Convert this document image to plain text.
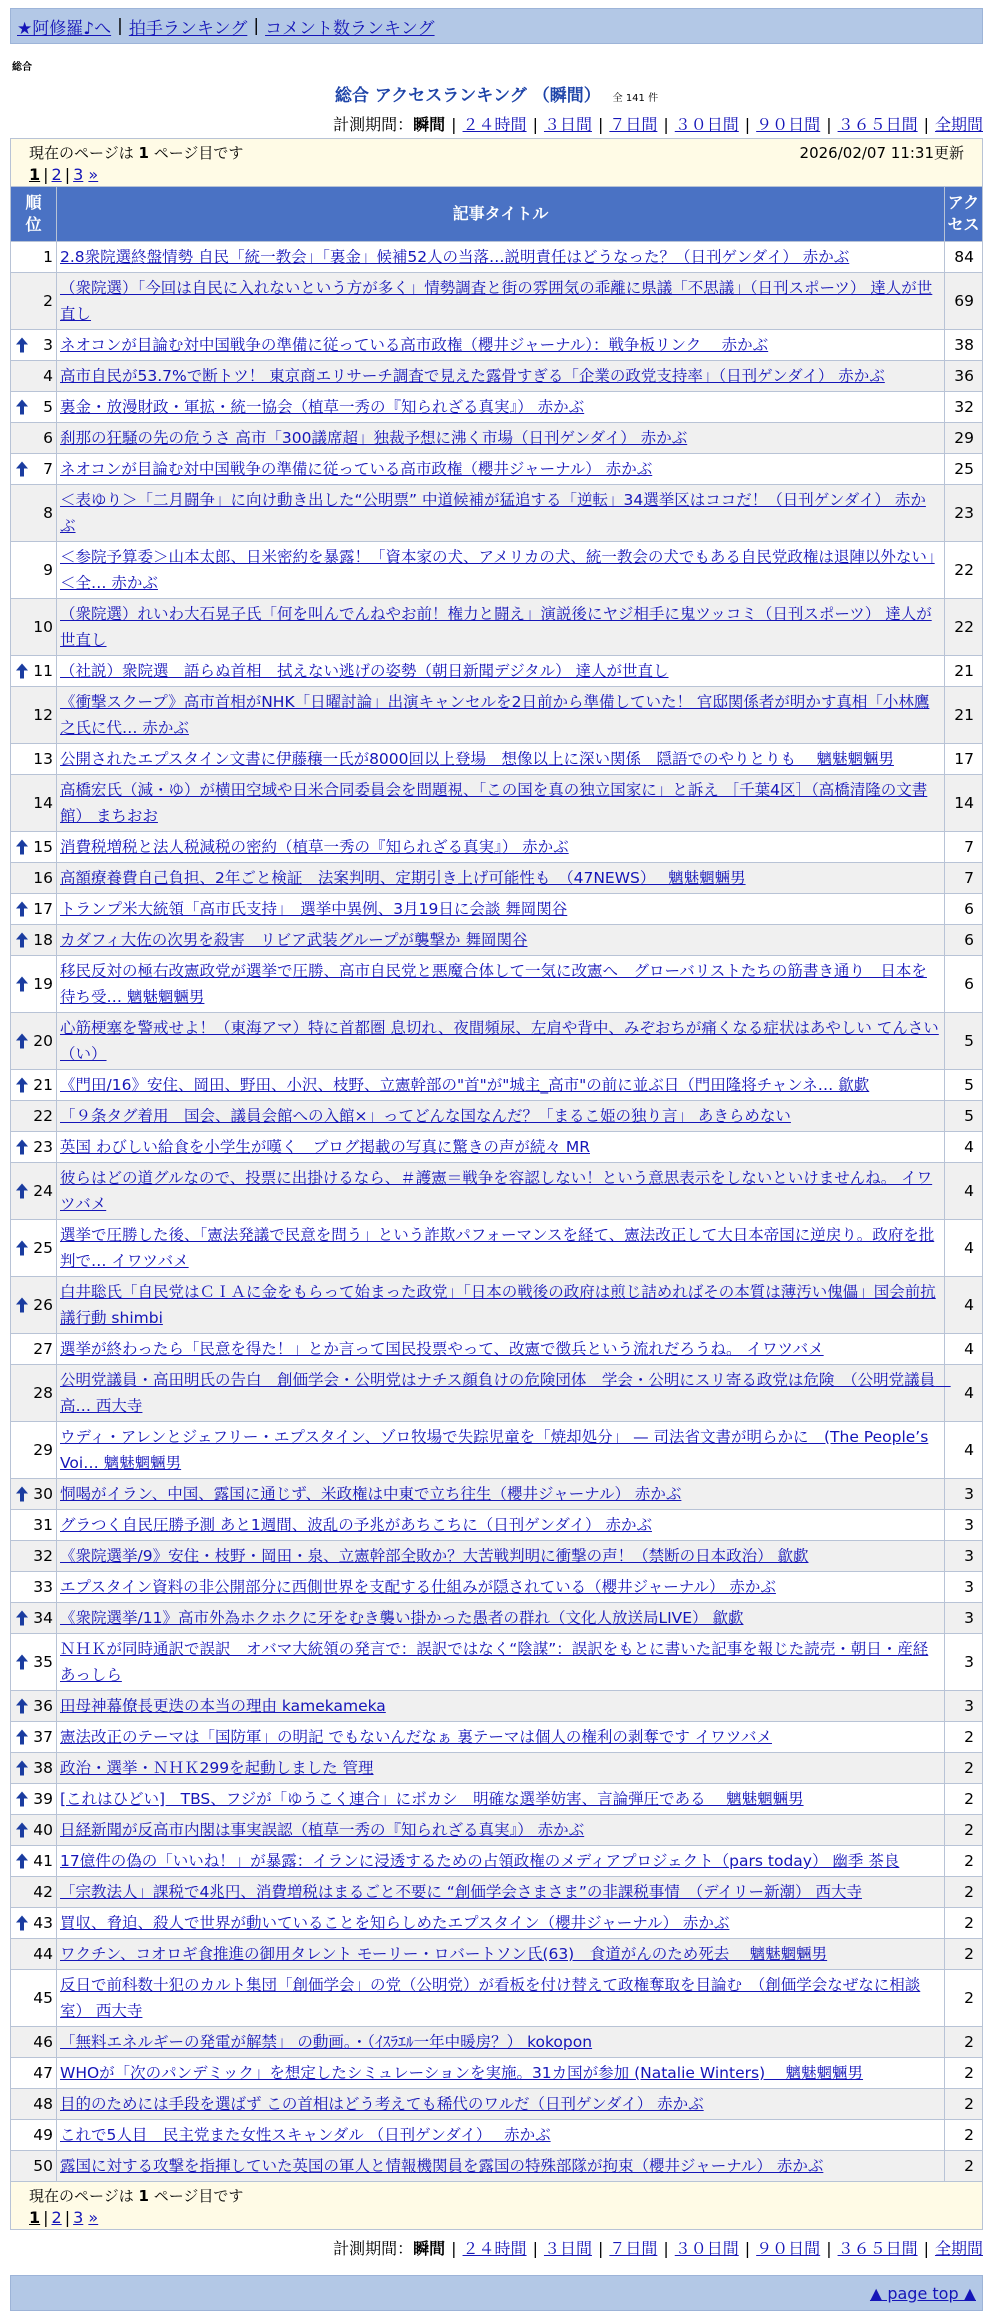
★阿修羅♪へ | 拍手ランキング | コメント数ランキング
総合
総合 アクセスランキング （瞬間） 全 141 件
計測期間：瞬間 | ２４時間 | ３日間 | ７日間 | ３０日間 | ９０日間 | ３６５日間 | 全期間
現在のページは 1 ページ目です	2026/02/07 11:31更新
1 | 2 | 3 »
順位	記事タイトル	アクセス
1	2.8衆院選終盤情勢 自民「統一教会」「裏金」候補52人の当落…説明責任はどうなった？（日刊ゲンダイ） 赤かぶ	84
2	（衆院選）「今回は自民に入れないという方が多く」情勢調査と街の雰囲気の乖離に県議「不思議」（日刊スポーツ） 達人が世直し	69

3	ネオコンが目論む対中国戦争の準備に従っている高市政権（櫻井ジャーナル）：戦争板リンク　 赤かぶ	38
4	高市自民が53.7%で断トツ！ 東京商エリサーチ調査で見えた露骨すぎる「企業の政党支持率」（日刊ゲンダイ） 赤かぶ	36

5	裏金・放漫財政・軍拡・統一協会（植草一秀の『知られざる真実』） 赤かぶ	32
6	刹那の狂騒の先の危うさ 高市「300議席超」独裁予想に沸く市場（日刊ゲンダイ） 赤かぶ	29

7	ネオコンが目論む対中国戦争の準備に従っている高市政権（櫻井ジャーナル） 赤かぶ	25
8	＜表ゆり＞「二月闘争」に向け動き出した“公明票” 中道候補が猛追する「逆転」34選挙区はココだ！（日刊ゲンダイ） 赤かぶ	23
9	＜参院予算委＞山本太郎、日米密約を暴露！「資本家の犬、アメリカの犬、統一教会の犬でもある自民党政権は退陣以外ない」＜全… 赤かぶ	22
10	（衆院選）れいわ大石晃子氏「何を叫んでんねやお前！権力と闘え」演説後にヤジ相手に鬼ツッコミ（日刊スポーツ） 達人が世直し	22

11	（社説）衆院選　語らぬ首相　拭えない逃げの姿勢（朝日新聞デジタル） 達人が世直し	21
12	《衝撃スクープ》高市首相がNHK「日曜討論」出演キャンセルを2日前から準備していた！ 官邸関係者が明かす真相「小林鷹之氏に代… 赤かぶ	21
13	公開されたエプスタイン文書に伊藤穰一氏が8000回以上登場　想像以上に深い関係　隠語でのやりとりも　 魑魅魍魎男	17
14	高橋宏氏（減・ゆ）が横田空域や日米合同委員会を問題視、「この国を真の独立国家に」と訴え ［千葉4区］（高橋清隆の文書館） まちおお	14

15	消費税増税と法人税減税の密約（植草一秀の『知られざる真実』） 赤かぶ	7
16	高額療養費自己負担、2年ごと検証　法案判明、定期引き上げ可能性も　（47NEWS）　 魑魅魍魎男	7

17	トランプ米大統領「高市氏支持」　選挙中異例、3月19日に会談 舞岡関谷	6

18	カダフィ大佐の次男を殺害　リビア武装グループが襲撃か 舞岡関谷	6

19	移民反対の極右改憲政党が選挙で圧勝、高市自民党と悪魔合体して一気に改憲へ　グローバリストたちの筋書き通り　日本を待ち受… 魑魅魍魎男	6

20	心筋梗塞を警戒せよ！（東海アマ）特に首都圏 息切れ、夜間頻尿、左肩や背中、みぞおちが痛くなる症状はあやしい てんさい（い）	5

21	《門田/16》安住、岡田、野田、小沢、枝野、立憲幹部の"首"が"城主_高市"の前に並ぶ日（門田隆将チャンネ… 歙歔	5
22	「９条タグ着用　国会、議員会館への入館×」ってどんな国なんだ？「まるこ姫の独り言」 あきらめない	5

23	英国 わびしい給食を小学生が嘆く　ブログ掲載の写真に驚きの声が続々 MR	4

24	彼らはどの道グルなので、投票に出掛けるなら、＃護憲＝戦争を容認しない！という意思表示をしないといけませんね。 イワツバメ	4

25	選挙で圧勝した後、「憲法発議で民意を問う」という詐欺パフォーマンスを経て、憲法改正して大日本帝国に逆戻り。政府を批判で… イワツバメ	4

26	白井聡氏「自民党はＣＩＡに金をもらって始まった政党」「日本の戦後の政府は煎じ詰めればその本質は薄汚い傀儡」国会前抗議行動 shimbi	4
27	選挙が終わったら「民意を得た！」とか言って国民投票やって、改憲で徴兵という流れだろうね。 イワツバメ	4
28	公明党議員・高田明氏の告白　創価学会・公明党はナチス顔負けの危険団体　学会・公明にスリ寄る政党は危険　（公明党議員　高… 西大寺	4
29	ウディ・アレンとジェフリー・エプスタイン、ゾロ牧場で失踪児童を「焼却処分」 — 司法省文書が明らかに　(The People’s Voi… 魑魅魍魎男	4

30	恫喝がイラン、中国、露国に通じず、米政権は中東で立ち往生（櫻井ジャーナル） 赤かぶ	3
31	グラつく自民圧勝予測 あと1週間、波乱の予兆があちこちに（日刊ゲンダイ） 赤かぶ	3
32	《衆院選挙/9》安住・枝野・岡田・泉、立憲幹部全敗か？大苦戦判明に衝撃の声！（禁断の日本政治） 歙歔	3
33	エプスタイン資料の非公開部分に西側世界を支配する仕組みが隠されている（櫻井ジャーナル） 赤かぶ	3

34	《衆院選挙/11》高市外為ホクホクに牙をむき襲い掛かった愚者の群れ（文化人放送局LIVE） 歙歔	3

35	ＮＨＫが同時通訳で誤訳　オバマ大統領の発言で：誤訳ではなく“陰謀”：誤訳をもとに書いた記事を報じた読売・朝日・産経 あっしら	3

36	田母神幕僚長更迭の本当の理由 kamekameka	3

37	憲法改正のテーマは「国防軍」の明記 でもないんだなぁ 裏テーマは個人の権利の剥奪です イワツバメ	2

38	政治・選挙・ＮＨＫ299を起動しました 管理	2

39	[これはひどい]　TBS、フジが「ゆうこく連合」にボカシ　明確な選挙妨害、言論弾圧である　 魑魅魍魎男	2

40	日経新聞が反高市内閣は事実誤認（植草一秀の『知られざる真実』） 赤かぶ	2

41	17億件の偽の「いいね！」が暴露：イランに浸透するための占領政権のメディアプロジェクト（pars today） 幽季 茶良	2
42	「宗教法人」課税で4兆円、消費増税はまるごと不要に “創価学会さまさま”の非課税事情　（デイリー新潮） 西大寺	2

43	買収、脅迫、殺人で世界が動いていることを知らしめたエプスタイン（櫻井ジャーナル） 赤かぶ	2
44	ワクチン、コオロギ食推進の御用タレント モーリー・ロバートソン氏(63)　食道がんのため死去　 魑魅魍魎男	2
45	反日で前科数十犯のカルト集団「創価学会」の党（公明党）が看板を付け替えて政権奪取を目論む　（創価学会なぜなに相談室） 西大寺	2
46	「無料エネルギーの発電が解禁」 の動画。・（ｲｽﾗｴﾙ一年中暖房？） kokopon	2
47	WHOが「次のパンデミック」を想定したシミュレーションを実施。31カ国が参加 (Natalie Winters)　 魑魅魍魎男	2
48	目的のためには手段を選ばず この首相はどう考えても稀代のワルだ（日刊ゲンダイ） 赤かぶ	2
49	これで5人目　民主党また女性スキャンダル （日刊ゲンダイ）　 赤かぶ	2
50	露国に対する攻撃を指揮していた英国の軍人と情報機関員を露国の特殊部隊が拘束（櫻井ジャーナル） 赤かぶ	2
現在のページは 1 ページ目です
1 | 2 | 3 »
計測期間：瞬間 | ２４時間 | ３日間 | ７日間 | ３０日間 | ９０日間 | ３６５日間 | 全期間
▲ page top ▲
